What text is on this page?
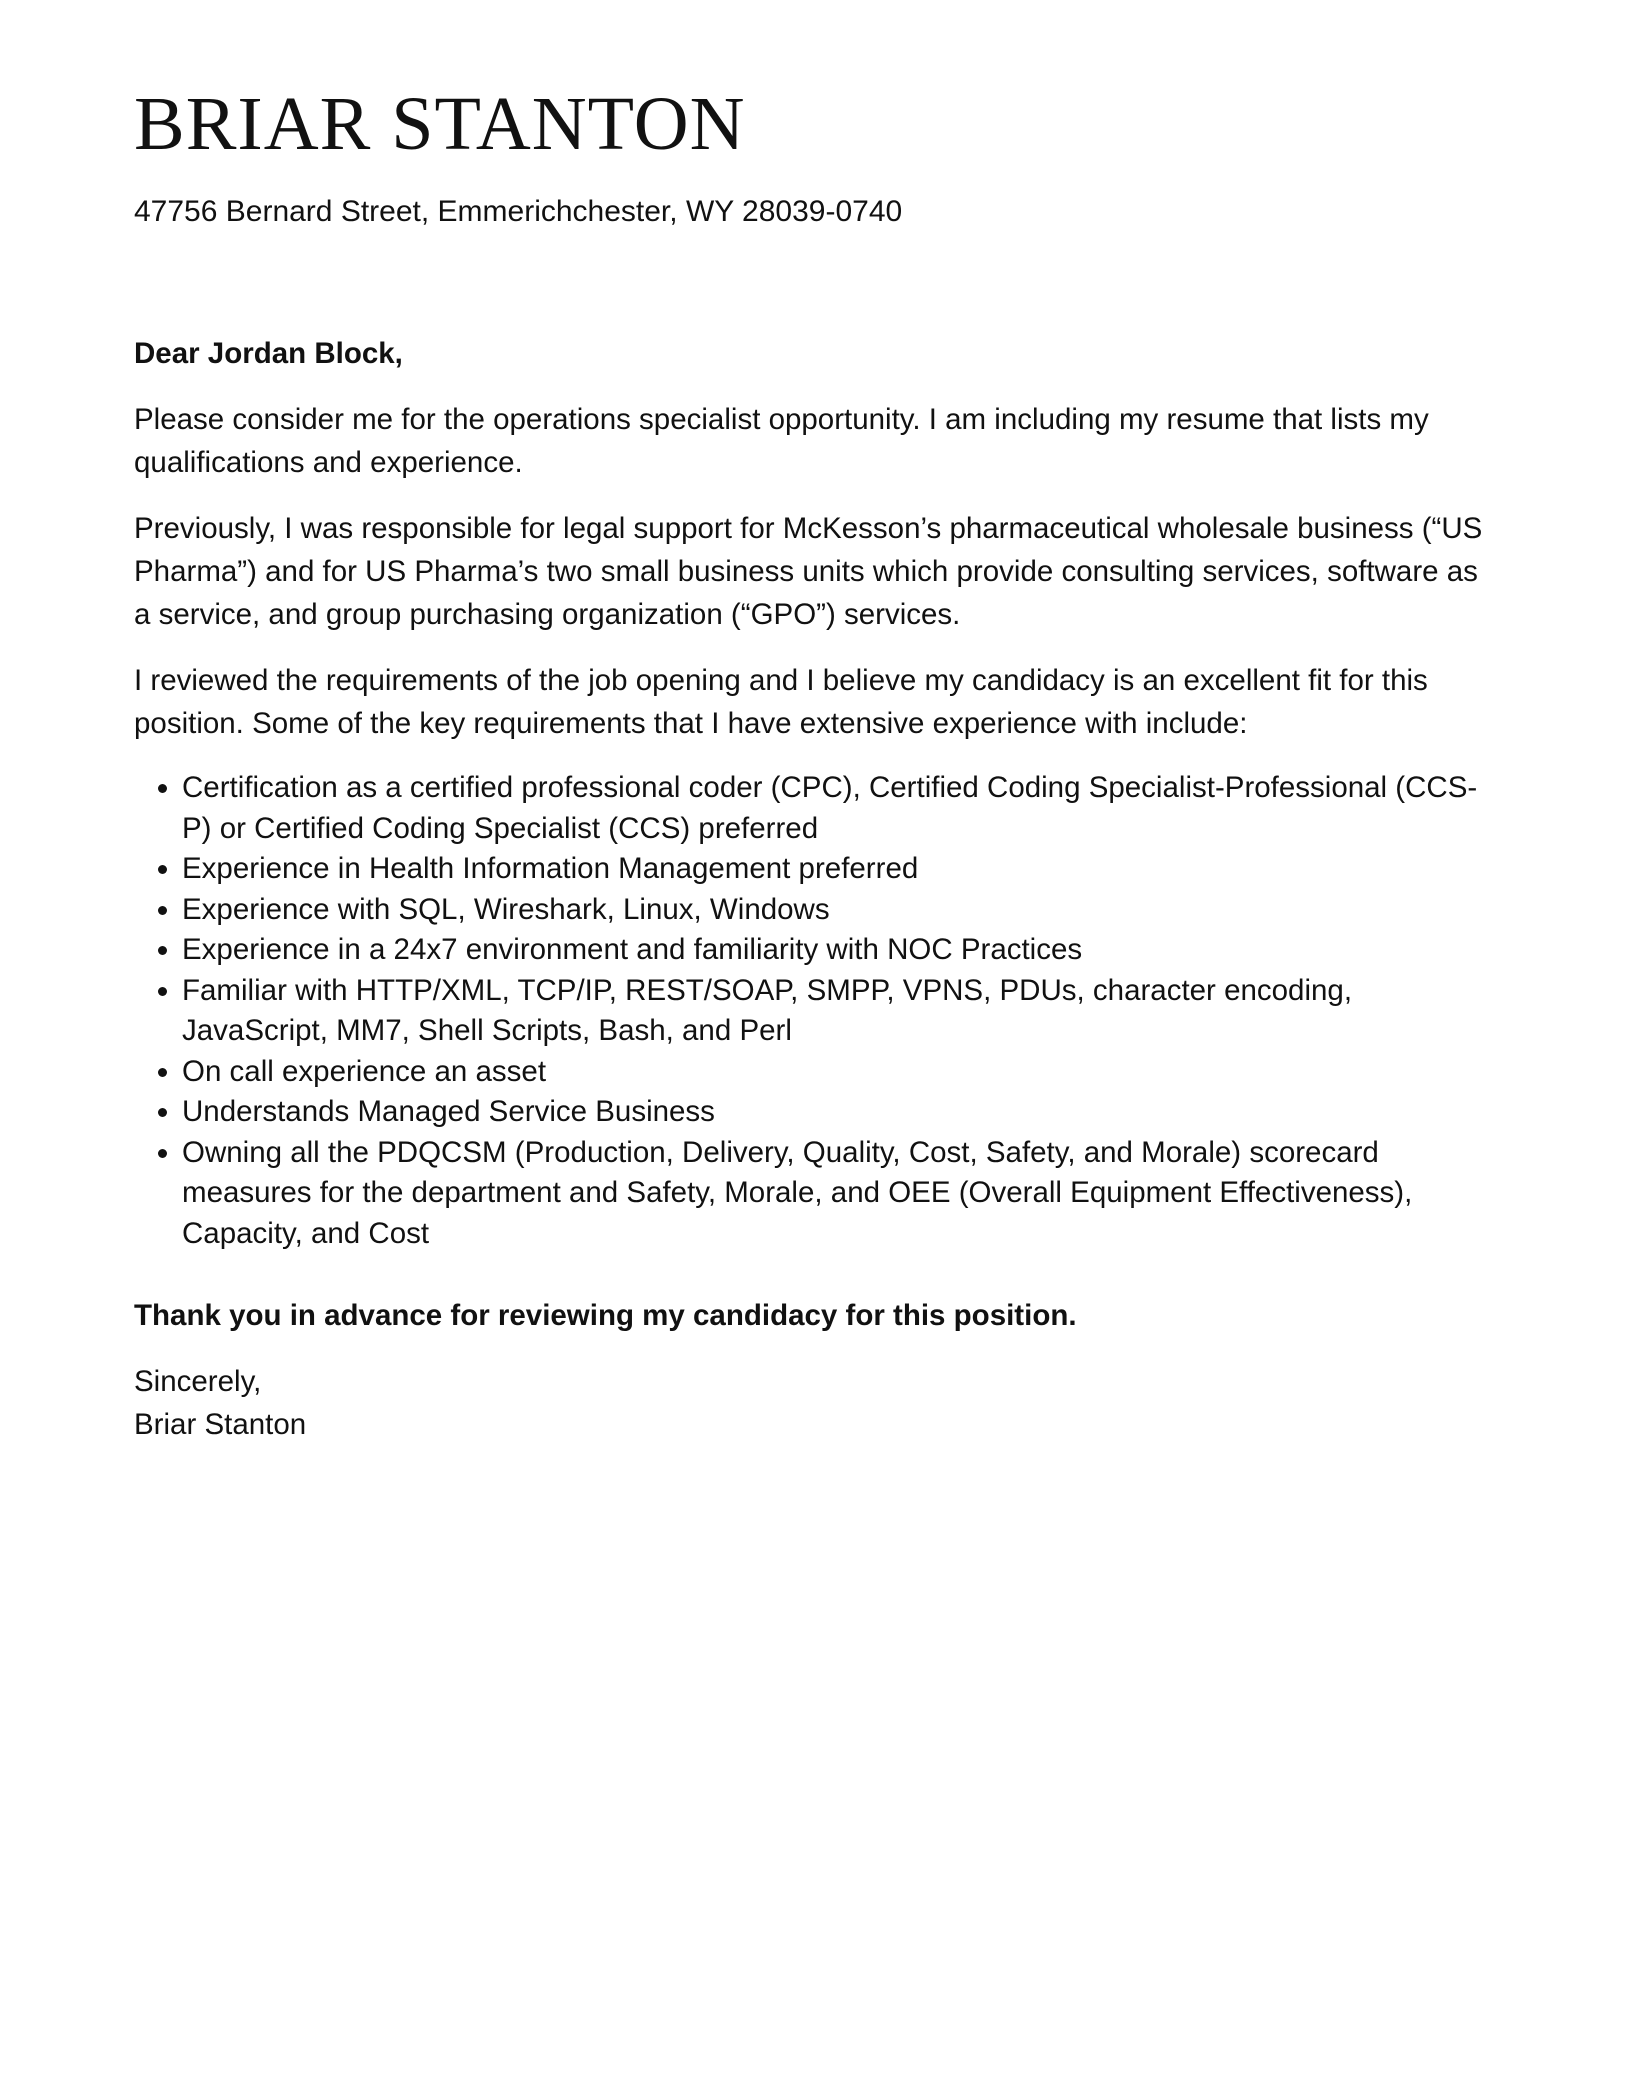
BRIAR STANTON
47756 Bernard Street, Emmerichchester, WY 28039-0740

Dear Jordan Block,

Please consider me for the operations specialist opportunity. I am including my resume that lists my qualifications and experience.

Previously, I was responsible for legal support for McKesson’s pharmaceutical wholesale business (“US Pharma”) and for US Pharma’s two small business units which provide consulting services, software as a service, and group purchasing organization (“GPO”) services.

I reviewed the requirements of the job opening and I believe my candidacy is an excellent fit for this position. Some of the key requirements that I have extensive experience with include:

• Certification as a certified professional coder (CPC), Certified Coding Specialist-Professional (CCS-P) or Certified Coding Specialist (CCS) preferred
• Experience in Health Information Management preferred
• Experience with SQL, Wireshark, Linux, Windows
• Experience in a 24x7 environment and familiarity with NOC Practices
• Familiar with HTTP/XML, TCP/IP, REST/SOAP, SMPP, VPNS, PDUs, character encoding, JavaScript, MM7, Shell Scripts, Bash, and Perl
• On call experience an asset
• Understands Managed Service Business
• Owning all the PDQCSM (Production, Delivery, Quality, Cost, Safety, and Morale) scorecard measures for the department and Safety, Morale, and OEE (Overall Equipment Effectiveness), Capacity, and Cost

Thank you in advance for reviewing my candidacy for this position.

Sincerely,

Briar Stanton
